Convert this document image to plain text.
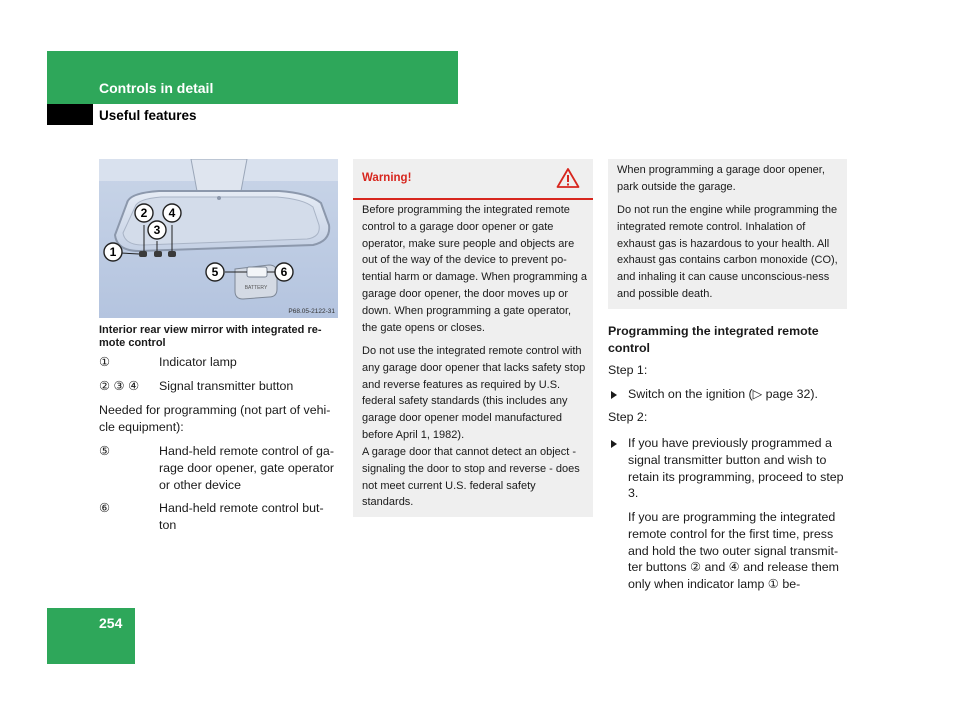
Controls in detail
Useful features
1
2
3
4
5	6
BATTERY
P68.05-2122-31
Interior rear view mirror with integrated re-mote control
①	Indicator lamp
② ③ ④ Signal transmitter button
Needed for programming (not part of vehi-cle equipment):
⑤	Hand-held remote control of ga-rage door opener, gate operator or other device
⑥	Hand-held remote control but-ton
Warning!
Before programming the integrated remote control to a garage door opener or gate operator, make sure people and objects are out of the way of the device to prevent po-tential harm or damage. When programming a garage door opener, the door moves up or down. When programming a gate operator, the gate opens or closes.
Do not use the integrated remote control with any garage door opener that lacks safety stop and reverse features as required by U.S. federal safety standards (this includes any garage door opener model manufactured before April 1, 1982).
A garage door that cannot detect an object - signaling the door to stop and reverse - does not meet current U.S. federal safety standards.
When programming a garage door opener, park outside the garage.
Do not run the engine while programming the integrated remote control. Inhalation of exhaust gas is hazardous to your health. All exhaust gas contains carbon monoxide (CO), and inhaling it can cause unconscious-ness and possible death.
Programming the integrated remote control
Step 1:
Switch on the ignition (▷ page 32).
Step 2:
If you have previously programmed a signal transmitter button and wish to retain its programming, proceed to step 3.
If you are programming the integrated remote control for the first time, press and hold the two outer signal transmit-ter buttons ② and ④ and release them only when indicator lamp ① be-
254
